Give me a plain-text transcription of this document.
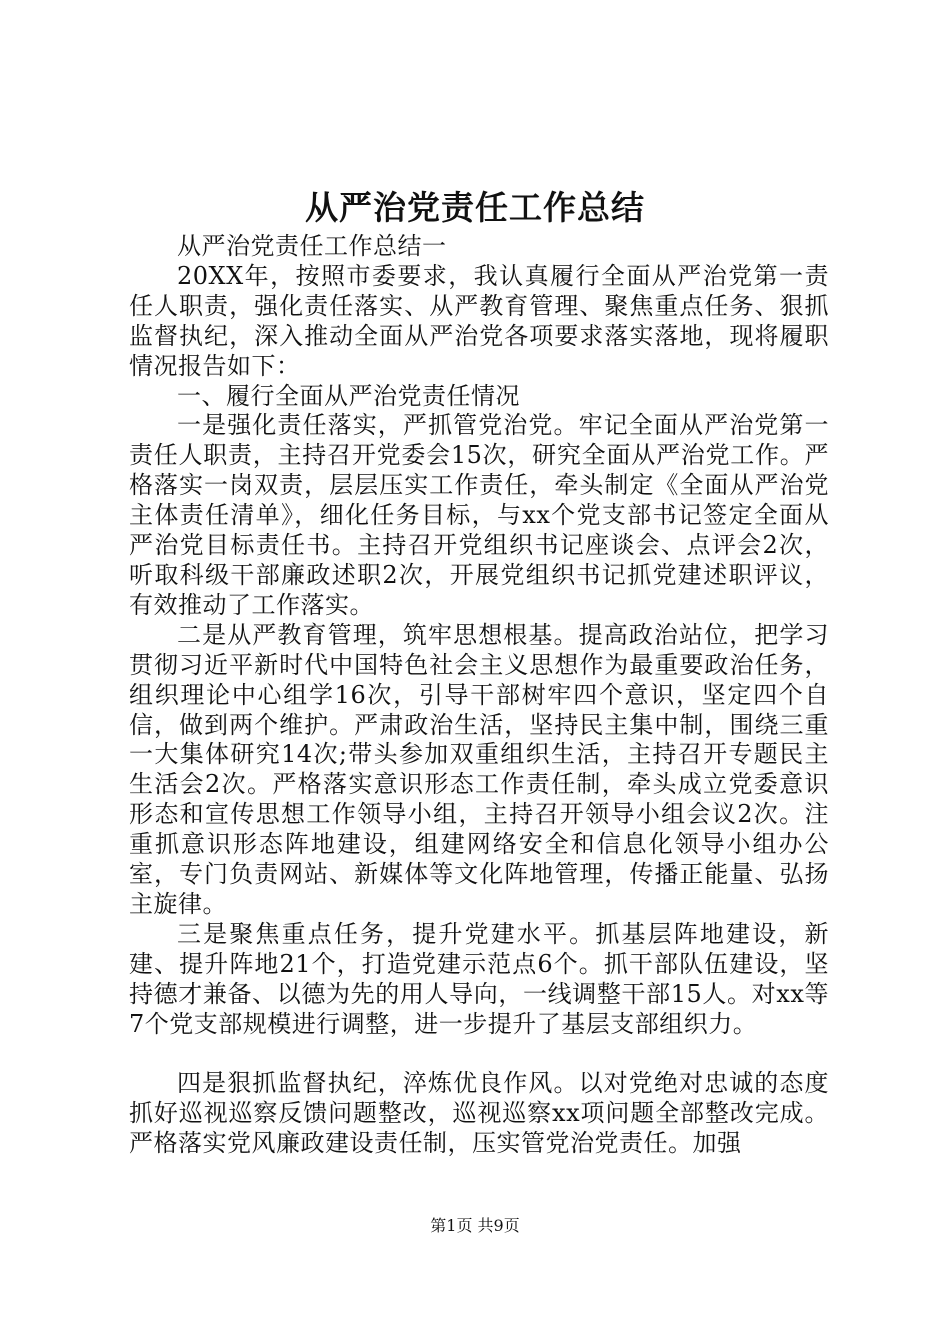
从严治党责任工作总结

从严治党责任工作总结一

20XX年，按照市委要求，我认真履行全面从严治党第一责任人职责，强化责任落实、从严教育管理、聚焦重点任务、狠抓监督执纪，深入推动全面从严治党各项要求落实落地，现将履职情况报告如下：

一、履行全面从严治党责任情况

一是强化责任落实，严抓管党治党。牢记全面从严治党第一责任人职责，主持召开党委会15次，研究全面从严治党工作。严格落实一岗双责，层层压实工作责任，牵头制定《全面从严治党主体责任清单》，细化任务目标，与xx个党支部书记签定全面从严治党目标责任书。主持召开党组织书记座谈会、点评会2次，听取科级干部廉政述职2次，开展党组织书记抓党建述职评议，有效推动了工作落实。

二是从严教育管理，筑牢思想根基。提高政治站位，把学习贯彻习近平新时代中国特色社会主义思想作为最重要政治任务，组织理论中心组学16次，引导干部树牢四个意识，坚定四个自信，做到两个维护。严肃政治生活，坚持民主集中制，围绕三重一大集体研究14次;带头参加双重组织生活，主持召开专题民主生活会2次。严格落实意识形态工作责任制，牵头成立党委意识形态和宣传思想工作领导小组，主持召开领导小组会议2次。注重抓意识形态阵地建设，组建网络安全和信息化领导小组办公室，专门负责网站、新媒体等文化阵地管理，传播正能量、弘扬主旋律。

三是聚焦重点任务，提升党建水平。抓基层阵地建设，新建、提升阵地21个，打造党建示范点6个。抓干部队伍建设，坚持德才兼备、以德为先的用人导向，一线调整干部15人。对xx等7个党支部规模进行调整，进一步提升了基层支部组织力。

四是狠抓监督执纪，淬炼优良作风。以对党绝对忠诚的态度抓好巡视巡察反馈问题整改，巡视巡察xx项问题全部整改完成。严格落实党风廉政建设责任制，压实管党治党责任。加强

第1页 共9页
